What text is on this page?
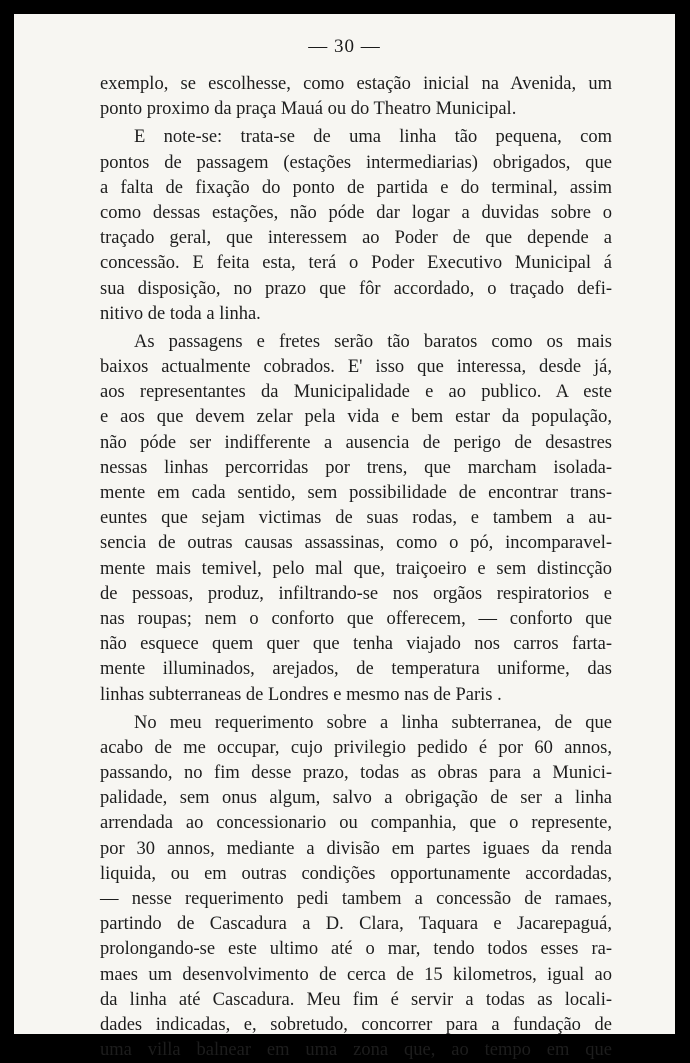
— 30 —
exemplo, se escolhesse, como estação inicial na Avenida, um
ponto proximo da praça Mauá ou do Theatro Municipal.
E note-se: trata-se de uma linha tão pequena, com
pontos de passagem (estações intermediarias) obrigados, que
a falta de fixação do ponto de partida e do terminal, assim
como dessas estações, não póde dar logar a duvidas sobre o
traçado geral, que interessem ao Poder de que depende a
concessão. E feita esta, terá o Poder Executivo Municipal á
sua disposição, no prazo que fôr accordado, o traçado defi-
nitivo de toda a linha.
As passagens e fretes serão tão baratos como os mais
baixos actualmente cobrados. E' isso que interessa, desde já,
aos representantes da Municipalidade e ao publico. A este
e aos que devem zelar pela vida e bem estar da população,
não póde ser indifferente a ausencia de perigo de desastres
nessas linhas percorridas por trens, que marcham isolada-
mente em cada sentido, sem possibilidade de encontrar trans-
euntes que sejam victimas de suas rodas, e tambem a au-
sencia de outras causas assassinas, como o pó, incomparavel-
mente mais temivel, pelo mal que, traiçoeiro e sem distincção
de pessoas, produz, infiltrando-se nos orgãos respiratorios e
nas roupas; nem o conforto que offerecem, — conforto que
não esquece quem quer que tenha viajado nos carros farta-
mente illuminados, arejados, de temperatura uniforme, das
linhas subterraneas de Londres e mesmo nas de Paris .
No meu requerimento sobre a linha subterranea, de que
acabo de me occupar, cujo privilegio pedido é por 60 annos,
passando, no fim desse prazo, todas as obras para a Munici-
palidade, sem onus algum, salvo a obrigação de ser a linha
arrendada ao concessionario ou companhia, que o represente,
por 30 annos, mediante a divisão em partes iguaes da renda
liquida, ou em outras condições opportunamente accordadas,
— nesse requerimento pedi tambem a concessão de ramaes,
partindo de Cascadura a D. Clara, Taquara e Jacarepaguá,
prolongando-se este ultimo até o mar, tendo todos esses ra-
maes um desenvolvimento de cerca de 15 kilometros, igual ao
da linha até Cascadura. Meu fim é servir a todas as locali-
dades indicadas, e, sobretudo, concorrer para a fundação de
uma villa balnear em uma zona que, ao tempo em que
